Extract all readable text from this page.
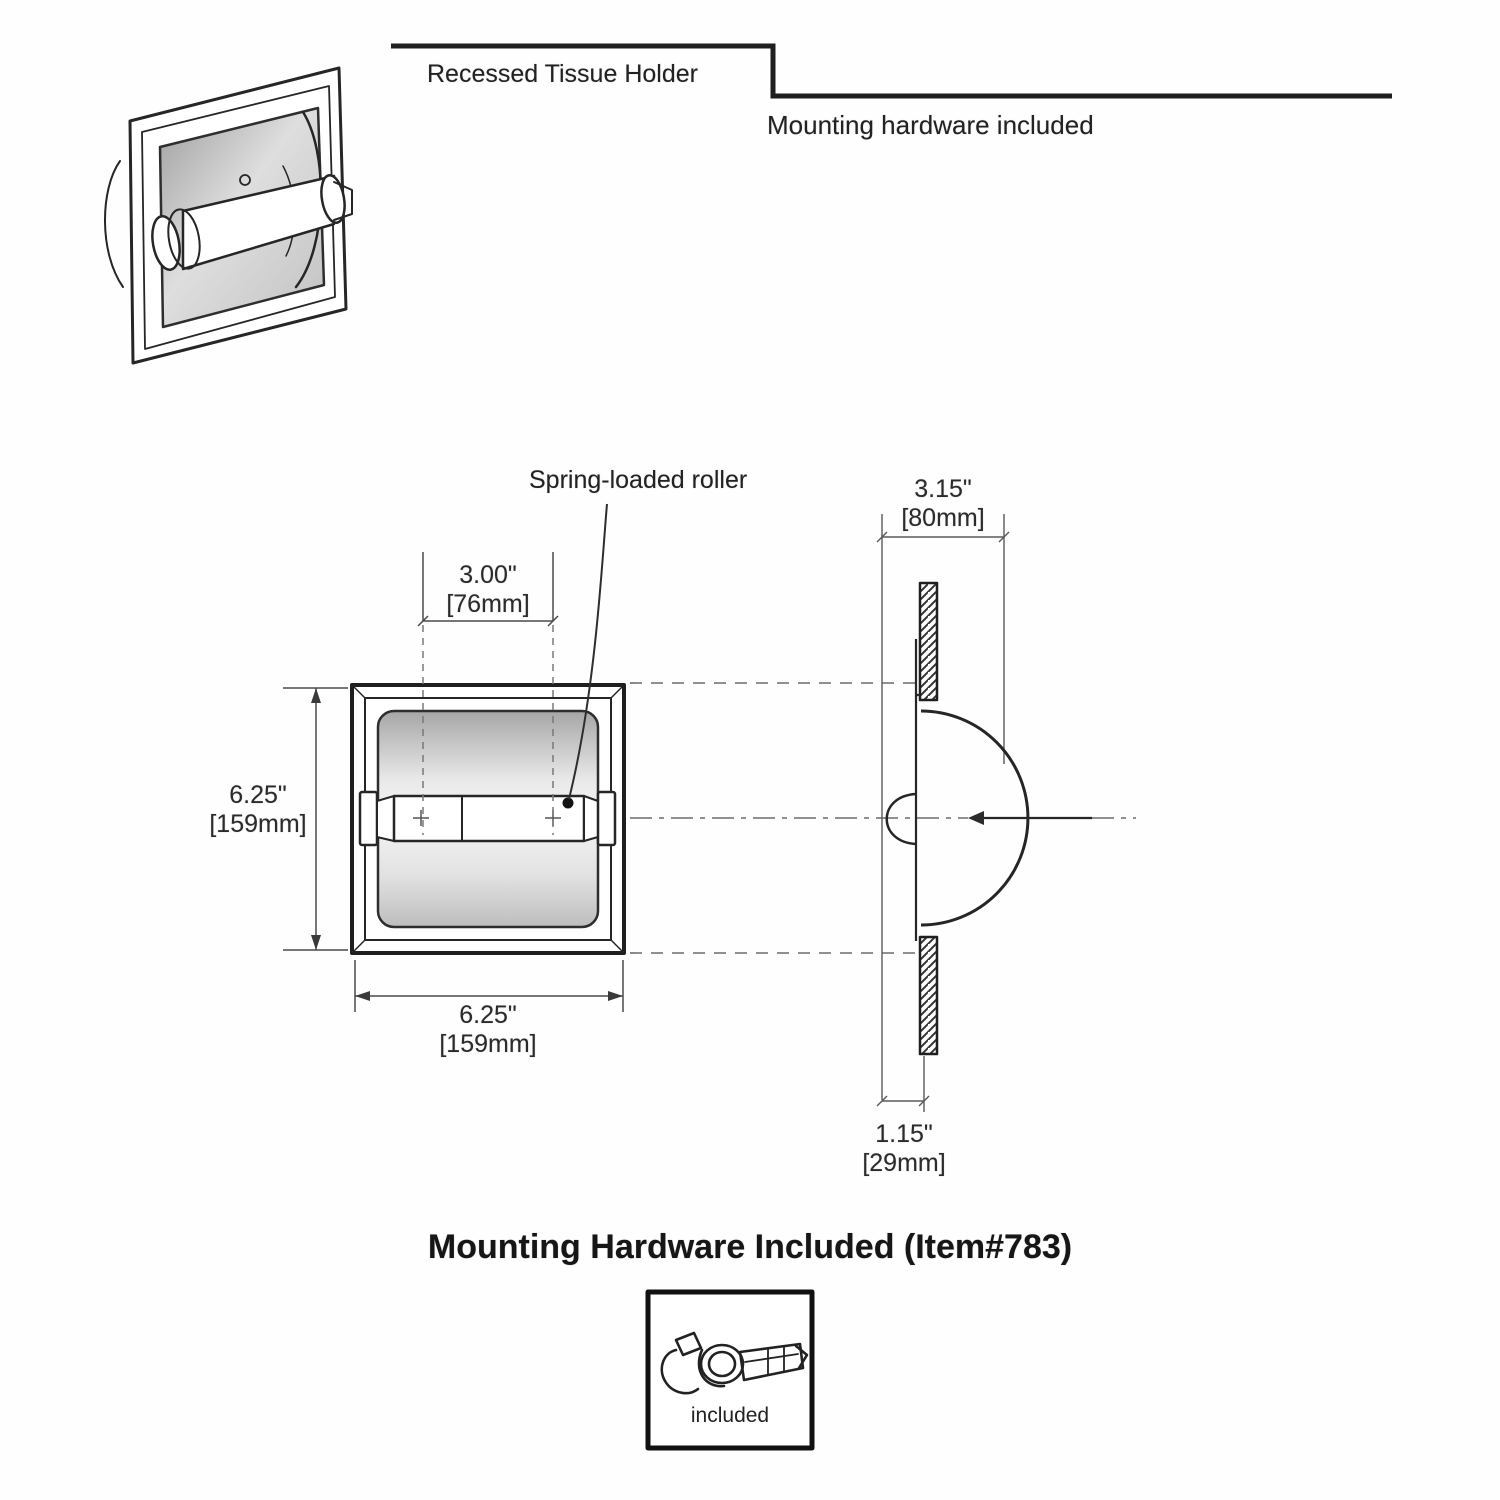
Recessed Tissue Holder
Mounting hardware included
Spring-loaded roller
3.00"
[76mm]
6.25"
[159mm]
6.25"
[159mm]
3.15"
[80mm]
1.15"
[29mm]
Mounting Hardware Included (Item#783)
included
